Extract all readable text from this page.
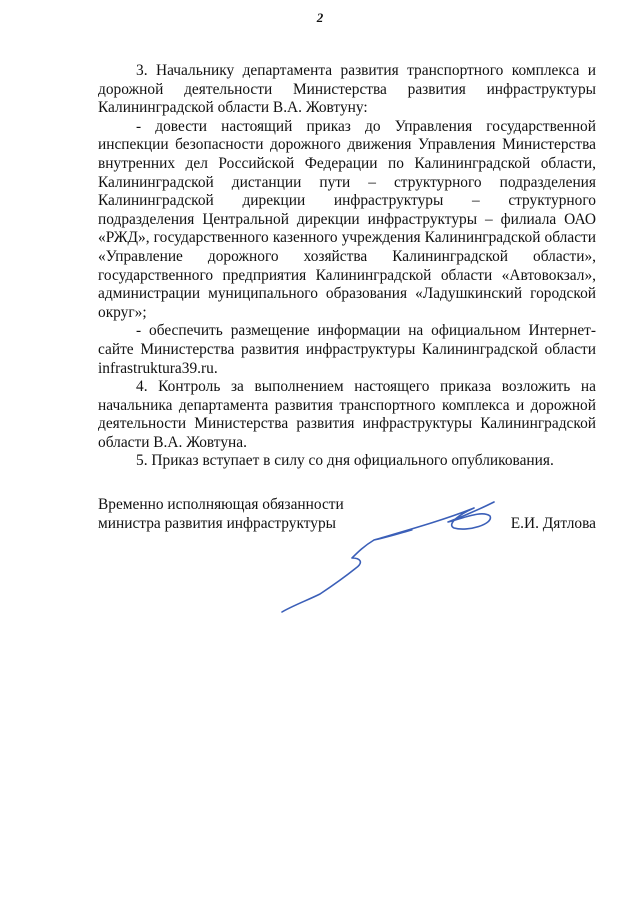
2

3. Начальнику департамента развития транспортного комплекса и дорожной деятельности Министерства развития инфраструктуры Калининградской области В.А. Жовтуну:

- довести настоящий приказ до Управления государственной инспекции безопасности дорожного движения Управления Министерства внутренних дел Российской Федерации по Калининградской области, Калининградской дистанции пути – структурного подразделения Калининградской дирекции инфраструктуры – структурного подразделения Центральной дирекции инфраструктуры – филиала ОАО «РЖД», государственного казенного учреждения Калининградской области «Управление дорожного хозяйства Калининградской области», государственного предприятия Калининградской области «Автовокзал», администрации муниципального образования «Ладушкинский городской округ»;

- обеспечить размещение информации на официальном Интернет-сайте Министерства развития инфраструктуры Калининградской области infrastruktura39.ru.

4. Контроль за выполнением настоящего приказа возложить на начальника департамента развития транспортного комплекса и дорожной деятельности Министерства развития инфраструктуры Калининградской области В.А. Жовтуна.

5. Приказ вступает в силу со дня официального опубликования.

Временно исполняющая обязанности
министра развития инфраструктуры	Е.И. Дятлова
